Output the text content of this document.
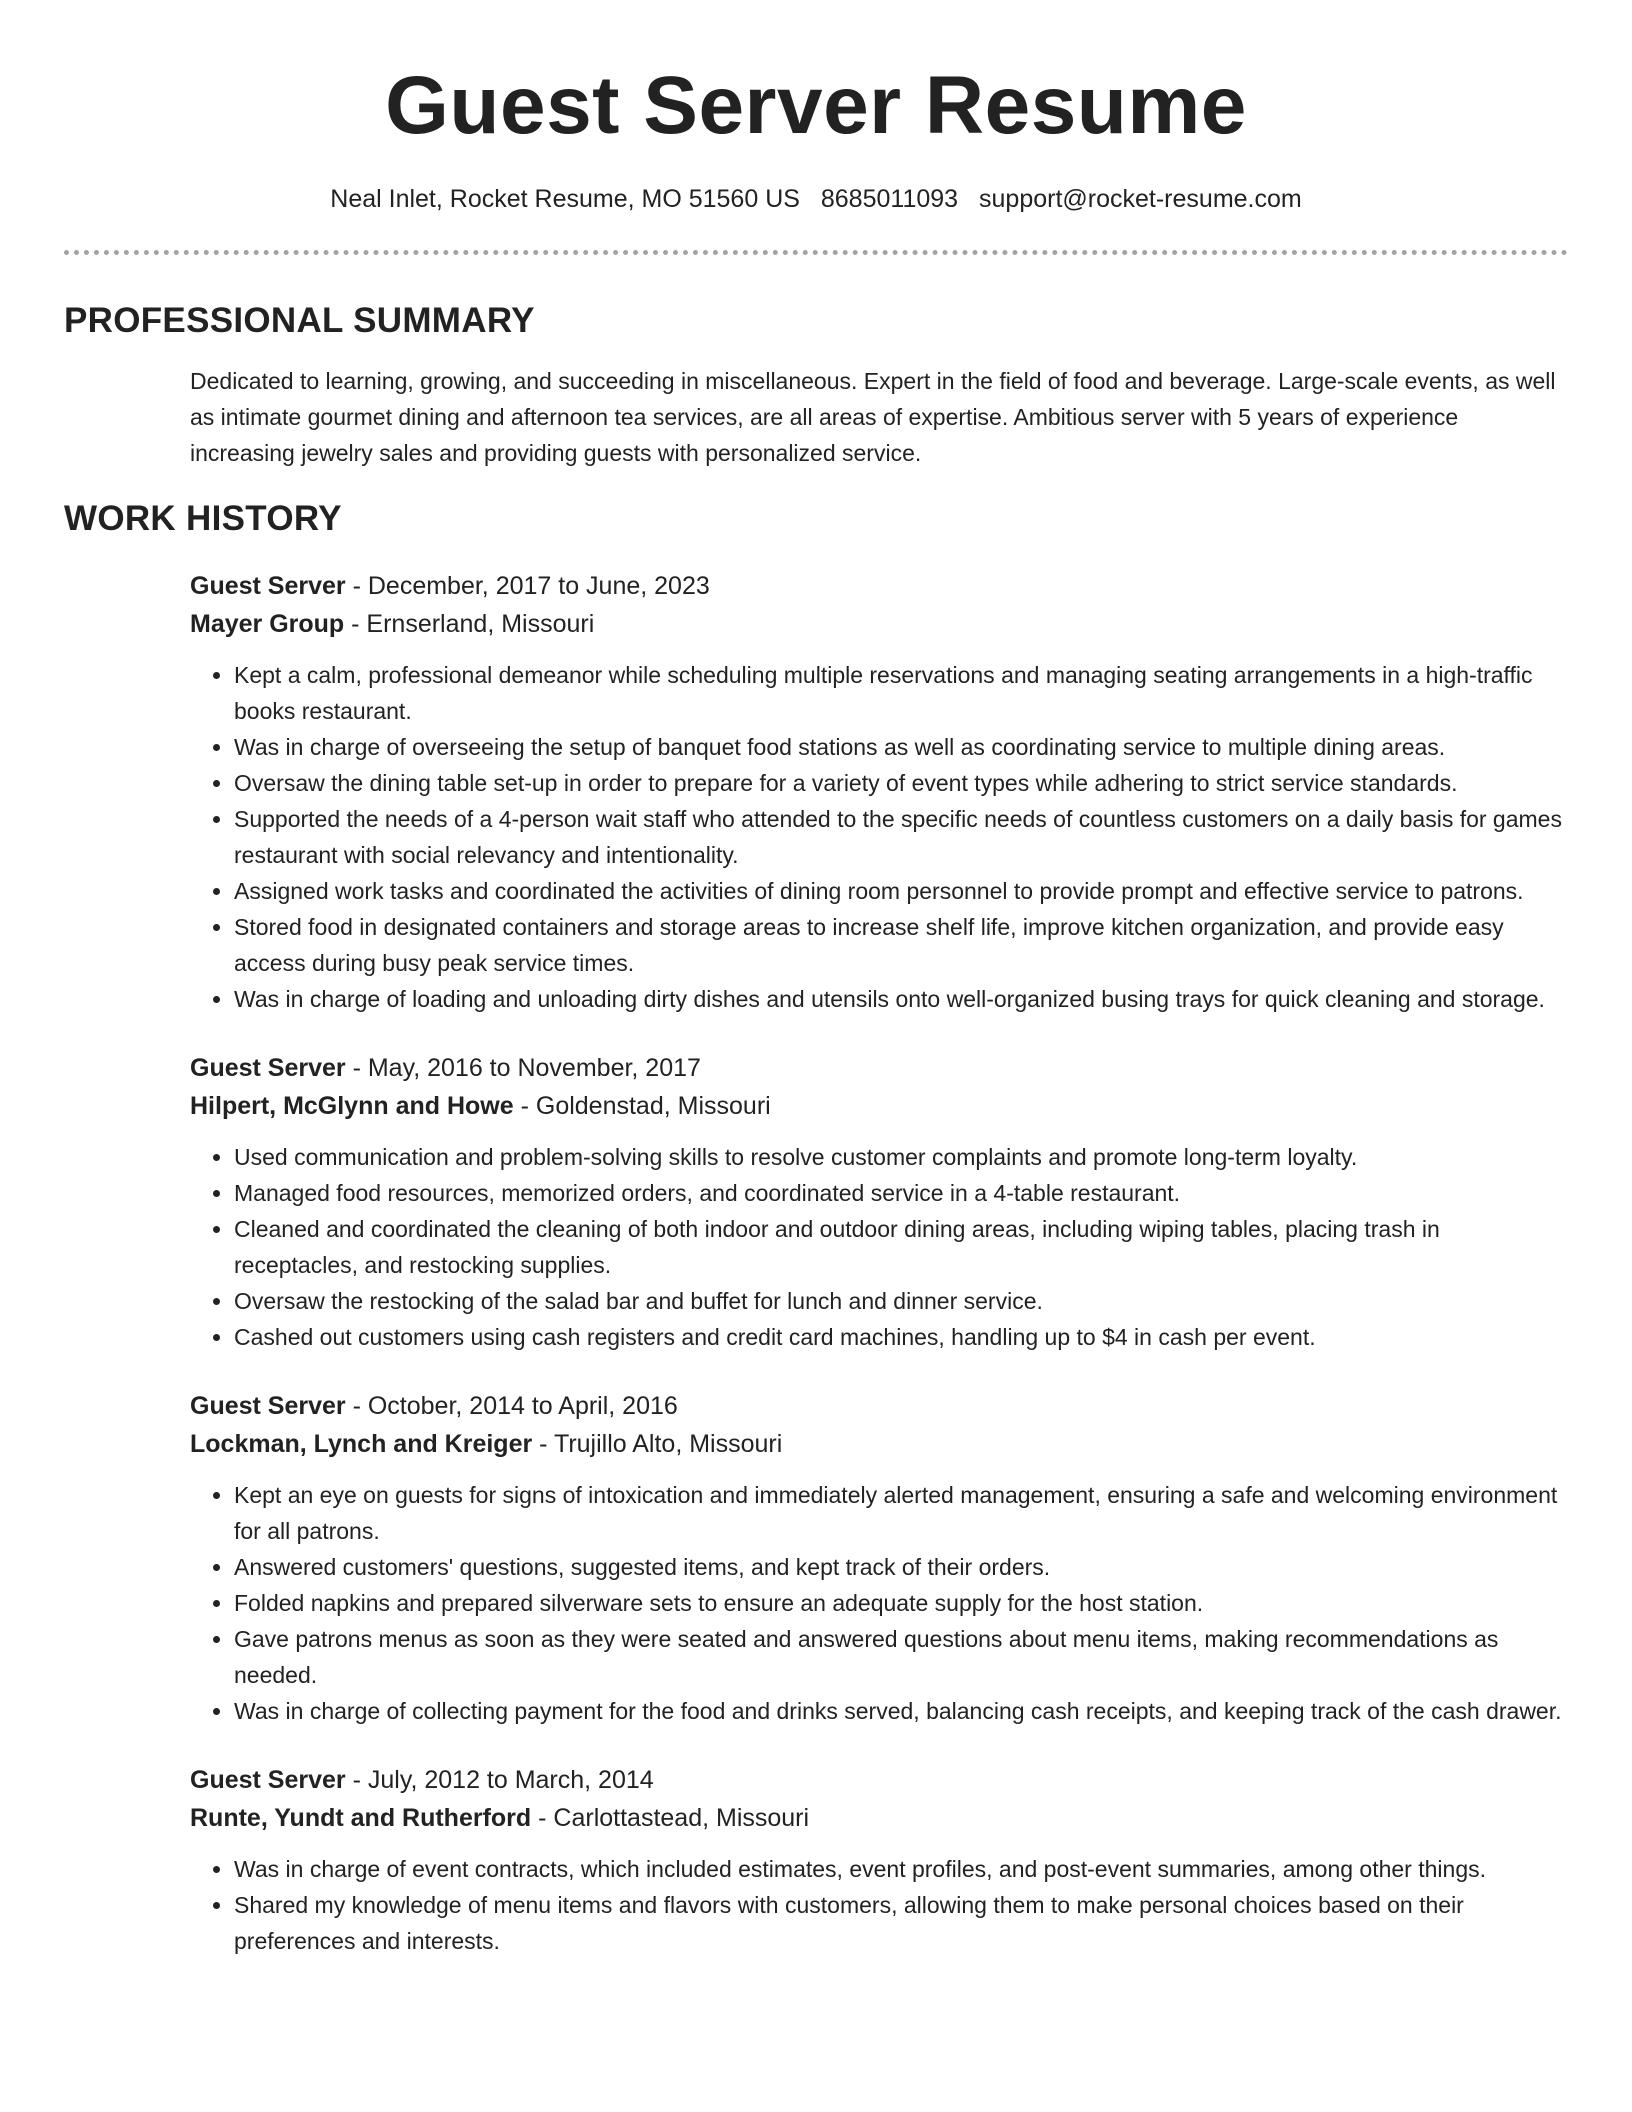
Guest Server Resume
Neal Inlet, Rocket Resume, MO 51560 US 8685011093 support@rocket-resume.com
PROFESSIONAL SUMMARY

Dedicated to learning, growing, and succeeding in miscellaneous. Expert in the field of food and beverage. Large-scale events, as well as intimate gourmet dining and afternoon tea services, are all areas of expertise. Ambitious server with 5 years of experience increasing jewelry sales and providing guests with personalized service.

WORK HISTORY
Guest Server - December, 2017 to June, 2023
Mayer Group - Ernserland, Missouri
• Kept a calm, professional demeanor while scheduling multiple reservations and managing seating arrangements in a high-traffic books restaurant.
• Was in charge of overseeing the setup of banquet food stations as well as coordinating service to multiple dining areas.
• Oversaw the dining table set-up in order to prepare for a variety of event types while adhering to strict service standards.
• Supported the needs of a 4-person wait staff who attended to the specific needs of countless customers on a daily basis for games restaurant with social relevancy and intentionality.
• Assigned work tasks and coordinated the activities of dining room personnel to provide prompt and effective service to patrons.
• Stored food in designated containers and storage areas to increase shelf life, improve kitchen organization, and provide easy access during busy peak service times.
• Was in charge of loading and unloading dirty dishes and utensils onto well-organized busing trays for quick cleaning and storage.
Guest Server - May, 2016 to November, 2017
Hilpert, McGlynn and Howe - Goldenstad, Missouri
• Used communication and problem-solving skills to resolve customer complaints and promote long-term loyalty.
• Managed food resources, memorized orders, and coordinated service in a 4-table restaurant.
• Cleaned and coordinated the cleaning of both indoor and outdoor dining areas, including wiping tables, placing trash in receptacles, and restocking supplies.
• Oversaw the restocking of the salad bar and buffet for lunch and dinner service.
• Cashed out customers using cash registers and credit card machines, handling up to $4 in cash per event.
Guest Server - October, 2014 to April, 2016
Lockman, Lynch and Kreiger - Trujillo Alto, Missouri
• Kept an eye on guests for signs of intoxication and immediately alerted management, ensuring a safe and welcoming environment for all patrons.
• Answered customers' questions, suggested items, and kept track of their orders.
• Folded napkins and prepared silverware sets to ensure an adequate supply for the host station.
• Gave patrons menus as soon as they were seated and answered questions about menu items, making recommendations as needed.
• Was in charge of collecting payment for the food and drinks served, balancing cash receipts, and keeping track of the cash drawer.
Guest Server - July, 2012 to March, 2014
Runte, Yundt and Rutherford - Carlottastead, Missouri
• Was in charge of event contracts, which included estimates, event profiles, and post-event summaries, among other things.
• Shared my knowledge of menu items and flavors with customers, allowing them to make personal choices based on their preferences and interests.
